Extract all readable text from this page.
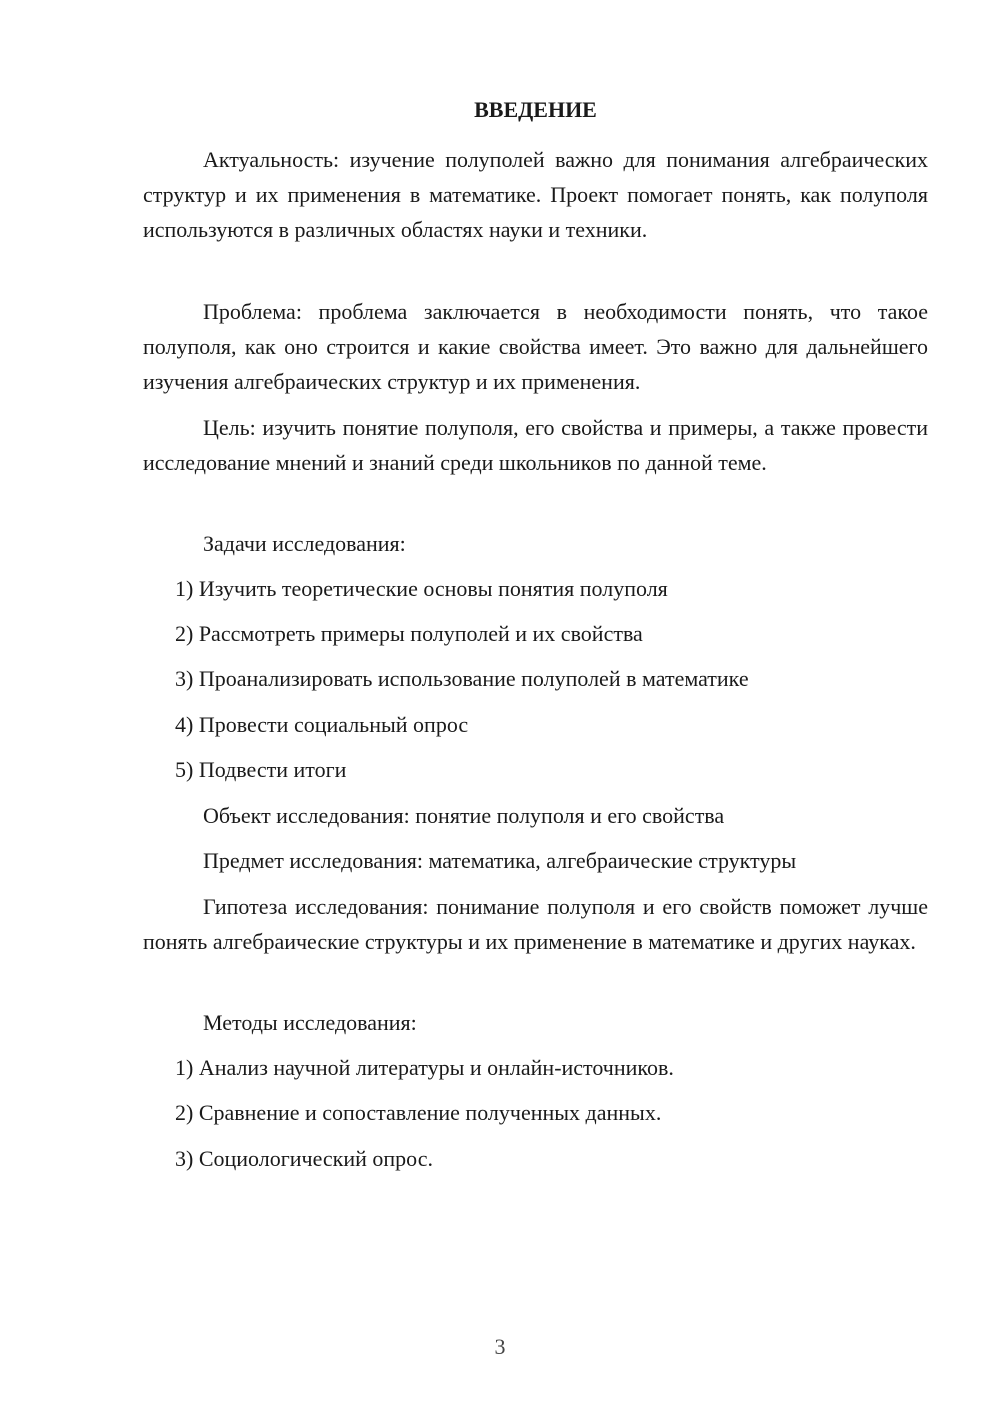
ВВЕДЕНИЕ

Актуальность: изучение полуполей важно для понимания алгебраических структур и их применения в математике. Проект помогает понять, как полуполя используются в различных областях науки и техники.

Проблема: проблема заключается в необходимости понять, что такое полуполя, как оно строится и какие свойства имеет. Это важно для дальнейшего изучения алгебраических структур и их применения.

Цель: изучить понятие полуполя, его свойства и примеры, а также провести исследование мнений и знаний среди школьников по данной теме.

Задачи исследования:

1) Изучить теоретические основы понятия полуполя

2) Рассмотреть примеры полуполей и их свойства

3) Проанализировать использование полуполей в математике

4) Провести социальный опрос

5) Подвести итоги

Объект исследования: понятие полуполя и его свойства

Предмет исследования: математика, алгебраические структуры

Гипотеза исследования: понимание полуполя и его свойств поможет лучше понять алгебраические структуры и их применение в математике и других науках.

Методы исследования:

1) Анализ научной литературы и онлайн-источников.

2) Сравнение и сопоставление полученных данных.

3) Социологический опрос.

3
